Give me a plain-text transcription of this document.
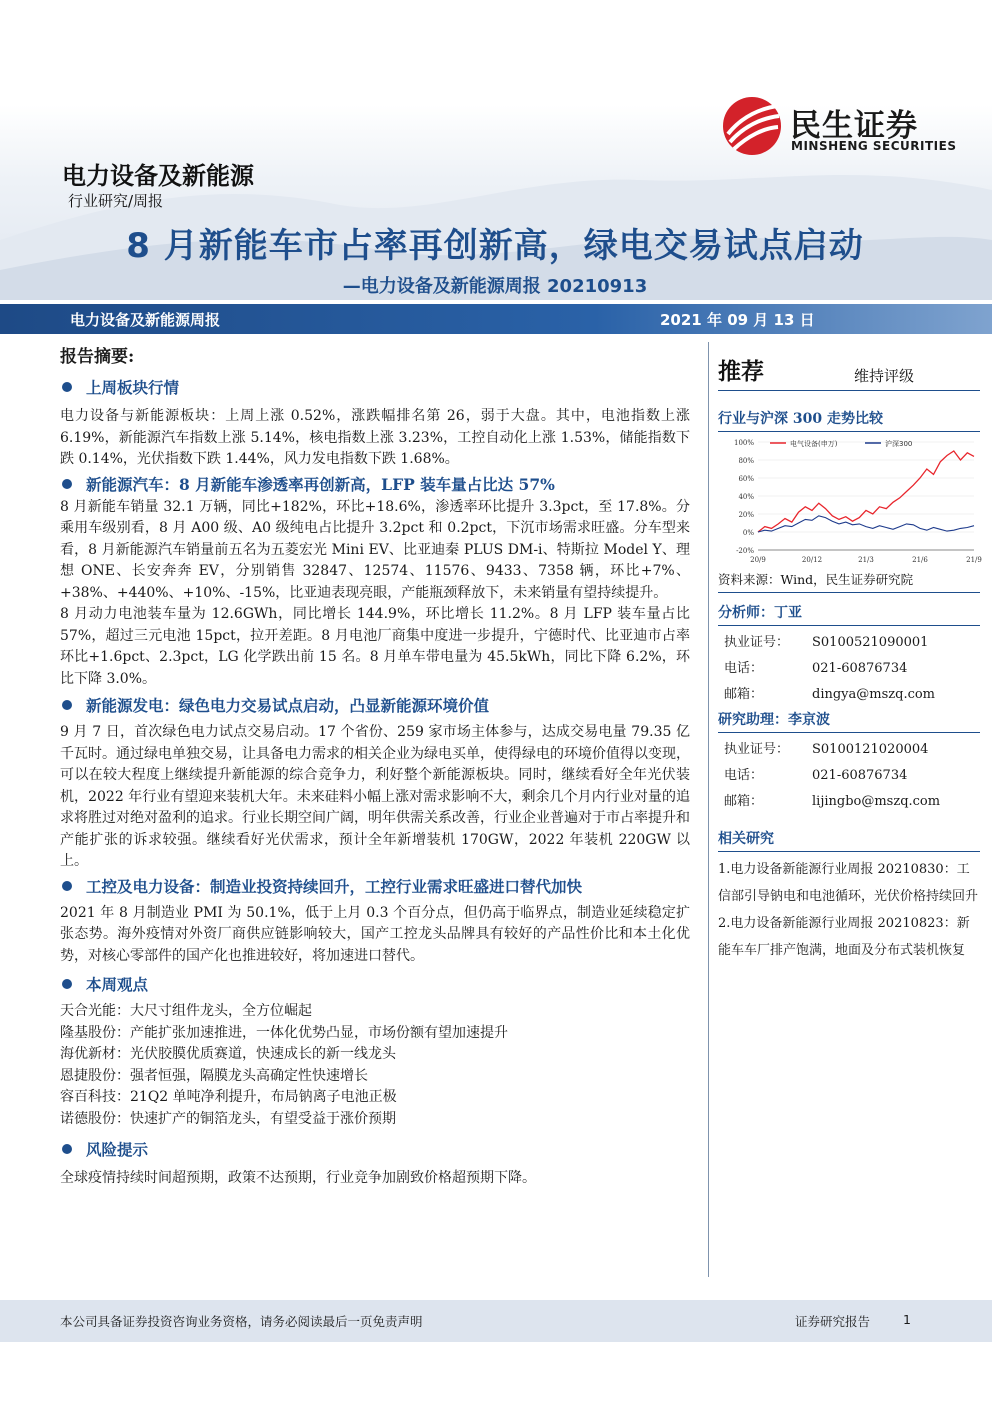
民生证券
MINSHENG SECURITIES
电力设备及新能源
行业研究/周报
8 月新能车市占率再创新高，绿电交易试点启动
—电力设备及新能源周报 20210913
电力设备及新能源周报	2021 年 09 月 13 日
报告摘要:
上周板块行情

电力设备与新能源板块：上周上涨 0.52%，涨跌幅排名第 26，弱于大盘。其中，电池指数上涨 6.19%，新能源汽车指数上涨 5.14%，核电指数上涨 3.23%，工控自动化上涨 1.53%，储能指数下跌 0.14%，光伏指数下跌 1.44%，风力发电指数下跌 1.68%。

新能源汽车：8 月新能车渗透率再创新高，LFP 装车量占比达 57%

8 月新能车销量 32.1 万辆，同比+182%，环比+18.6%，渗透率环比提升 3.3pct，至 17.8%。分乘用车级别看，8 月 A00 级、A0 级纯电占比提升 3.2pct 和 0.2pct，下沉市场需求旺盛。分车型来看，8 月新能源汽车销量前五名为五菱宏光 Mini EV、比亚迪秦 PLUS DM-i、特斯拉 Model Y、理想 ONE、长安奔奔 EV，分别销售 32847、12574、11576、9433、7358 辆，环比+7%、+38%、+440%、+10%、-15%，比亚迪表现亮眼，产能瓶颈释放下，未来销量有望持续提升。

8 月动力电池装车量为 12.6GWh，同比增长 144.9%，环比增长 11.2%。8 月 LFP 装车量占比 57%，超过三元电池 15pct，拉开差距。8 月电池厂商集中度进一步提升，宁德时代、比亚迪市占率环比+1.6pct、2.3pct，LG 化学跌出前 15 名。8 月单车带电量为 45.5kWh，同比下降 6.2%，环比下降 3.0%。

新能源发电：绿色电力交易试点启动，凸显新能源环境价值

9 月 7 日，首次绿色电力试点交易启动。17 个省份、259 家市场主体参与，达成交易电量 79.35 亿千瓦时。通过绿电单独交易，让具备电力需求的相关企业为绿电买单，使得绿电的环境价值得以变现，可以在较大程度上继续提升新能源的综合竞争力，利好整个新能源板块。同时，继续看好全年光伏装机，2022 年行业有望迎来装机大年。未来硅料小幅上涨对需求影响不大，剩余几个月内行业对量的追求将胜过对绝对盈利的追求。行业长期空间广阔，明年供需关系改善，行业企业普遍对于市占率提升和产能扩张的诉求较强。继续看好光伏需求，预计全年新增装机 170GW，2022 年装机 220GW 以上。

工控及电力设备：制造业投资持续回升，工控行业需求旺盛进口替代加快

2021 年 8 月制造业 PMI 为 50.1%，低于上月 0.3 个百分点，但仍高于临界点，制造业延续稳定扩张态势。海外疫情对外资厂商供应链影响较大，国产工控龙头品牌具有较好的产品性价比和本土化优势，对核心零部件的国产化也推进较好，将加速进口替代。

本周观点
天合光能：大尺寸组件龙头，全方位崛起
隆基股份：产能扩张加速推进，一体化优势凸显，市场份额有望加速提升
海优新材：光伏胶膜优质赛道，快速成长的新一线龙头
恩捷股份：强者恒强，隔膜龙头高确定性快速增长
容百科技：21Q2 单吨净利提升，布局钠离子电池正极
诺德股份：快速扩产的铜箔龙头，有望受益于涨价预期
风险提示

全球疫情持续时间超预期，政策不达预期，行业竞争加剧致价格超预期下降。

推荐	维持评级
行业与沪深 300 走势比较
100%
80%
60%
40%
20%
0%
-20%
20/9	20/12	21/3	21/6	21/9
电气设备(申万)	沪深300
资料来源：Wind，民生证券研究院
分析师：丁亚
执业证号：	S0100521090001
电话：	021-60876734
邮箱：	dingya@mszq.com
研究助理：李京波
执业证号：	S0100121020004
电话：	021-60876734
邮箱：	lijingbo@mszq.com
相关研究
1.电力设备新能源行业周报 20210830：工信部引导钠电和电池循环，光伏价格持续回升
2.电力设备新能源行业周报 20210823：新能车车厂排产饱满，地面及分布式装机恢复
本公司具备证券投资咨询业务资格，请务必阅读最后一页免责声明	证券研究报告	1
